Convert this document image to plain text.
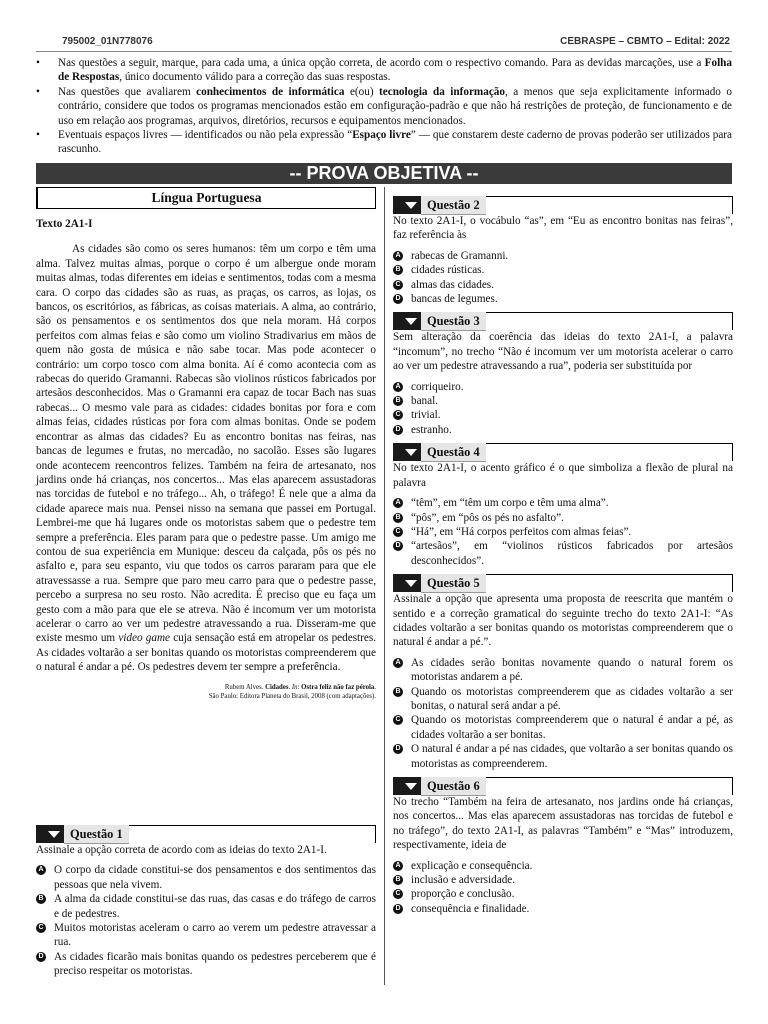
795002_01N778076	CEBRASPE – CBMTO – Edital: 2022
• Nas questões a seguir, marque, para cada uma, a única opção correta, de acordo com o respectivo comando. Para as devidas marcações, use a Folha de Respostas, único documento válido para a correção das suas respostas.
• Nas questões que avaliarem conhecimentos de informática e(ou) tecnologia da informação, a menos que seja explicitamente informado o contrário, considere que todos os programas mencionados estão em configuração-padrão e que não há restrições de proteção, de funcionamento e de uso em relação aos programas, arquivos, diretórios, recursos e equipamentos mencionados.
• Eventuais espaços livres — identificados ou não pela expressão “Espaço livre” — que constarem deste caderno de provas poderão ser utilizados para rascunho.
-- PROVA OBJETIVA --
Língua Portuguesa
Texto 2A1-I

As cidades são como os seres humanos: têm um corpo e têm uma alma. Talvez muitas almas, porque o corpo é um albergue onde moram muitas almas, todas diferentes em ideias e sentimentos, todas com a mesma cara. O corpo das cidades são as ruas, as praças, os carros, as lojas, os bancos, os escritórios, as fábricas, as coisas materiais. A alma, ao contrário, são os pensamentos e os sentimentos dos que nela moram. Há corpos perfeitos com almas feias e são como um violino Stradivarius em mãos de quem não gosta de música e não sabe tocar. Mas pode acontecer o contrário: um corpo tosco com alma bonita. Aí é como acontecia com as rabecas do querido Gramanni. Rabecas são violinos rústicos fabricados por artesãos desconhecidos. Mas o Gramanni era capaz de tocar Bach nas suas rabecas... O mesmo vale para as cidades: cidades bonitas por fora e com almas feias, cidades rústicas por fora com almas bonitas. Onde se podem encontrar as almas das cidades? Eu as encontro bonitas nas feiras, nas bancas de legumes e frutas, no mercadão, no sacolão. Esses são lugares onde acontecem reencontros felizes. Também na feira de artesanato, nos jardins onde há crianças, nos concertos... Mas elas aparecem assustadoras nas torcidas de futebol e no tráfego... Ah, o tráfego! É nele que a alma da cidade aparece mais nua. Pensei nisso na semana que passei em Portugal. Lembrei-me que há lugares onde os motoristas sabem que o pedestre tem sempre a preferência. Eles param para que o pedestre passe. Um amigo me contou de sua experiência em Munique: desceu da calçada, pôs os pés no asfalto e, para seu espanto, viu que todos os carros pararam para que ele atravessasse a rua. Sempre que paro meu carro para que o pedestre passe, percebo a surpresa no seu rosto. Não acredita. É preciso que eu faça um gesto com a mão para que ele se atreva. Não é incomum ver um motorista acelerar o carro ao ver um pedestre atravessando a rua. Disseram-me que existe mesmo um video game cuja sensação está em atropelar os pedestres. As cidades voltarão a ser bonitas quando os motoristas compreenderem que o natural é andar a pé. Os pedestres devem ter sempre a preferência.

Rubem Alves. Cidades. In: Ostra feliz não faz pérola.
São Paulo: Editora Planeta do Brasil, 2008 (com adaptações).
Questão 1

Assinale a opção correta de acordo com as ideias do texto 2A1-I.

A O corpo da cidade constitui-se dos pensamentos e dos sentimentos das pessoas que nela vivem.
B A alma da cidade constitui-se das ruas, das casas e do tráfego de carros e de pedestres.
C Muitos motoristas aceleram o carro ao verem um pedestre atravessar a rua.
D As cidades ficarão mais bonitas quando os pedestres perceberem que é preciso respeitar os motoristas.
Questão 2

No texto 2A1-I, o vocábulo “as”, em “Eu as encontro bonitas nas feiras”, faz referência às

A rabecas de Gramanni.
B cidades rústicas.
C almas das cidades.
D bancas de legumes.
Questão 3

Sem alteração da coerência das ideias do texto 2A1-I, a palavra “incomum”, no trecho “Não é incomum ver um motorista acelerar o carro ao ver um pedestre atravessando a rua”, poderia ser substituída por

A corriqueiro.
B banal.
C trivial.
D estranho.
Questão 4

No texto 2A1-I, o acento gráfico é o que simboliza a flexão de plural na palavra

A “têm”, em “têm um corpo e têm uma alma”.
B “pôs”, em “pôs os pés no asfalto”.
C “Há”, em “Há corpos perfeitos com almas feias”.
D “artesãos”, em “violinos rústicos fabricados por artesãos desconhecidos”.
Questão 5

Assinale a opção que apresenta uma proposta de reescrita que mantém o sentido e a correção gramatical do seguinte trecho do texto 2A1-I: “As cidades voltarão a ser bonitas quando os motoristas compreenderem que o natural é andar a pé.”.

A As cidades serão bonitas novamente quando o natural forem os motoristas andarem a pé.
B Quando os motoristas compreenderem que as cidades voltarão a ser bonitas, o natural será andar a pé.
C Quando os motoristas compreenderem que o natural é andar a pé, as cidades voltarão a ser bonitas.
D O natural é andar a pé nas cidades, que voltarão a ser bonitas quando os motoristas as compreenderem.
Questão 6

No trecho “Também na feira de artesanato, nos jardins onde há crianças, nos concertos... Mas elas aparecem assustadoras nas torcidas de futebol e no tráfego”, do texto 2A1-I, as palavras “Também” e “Mas” introduzem, respectivamente, ideia de

A explicação e consequência.
B inclusão e adversidade.
C proporção e conclusão.
D consequência e finalidade.
